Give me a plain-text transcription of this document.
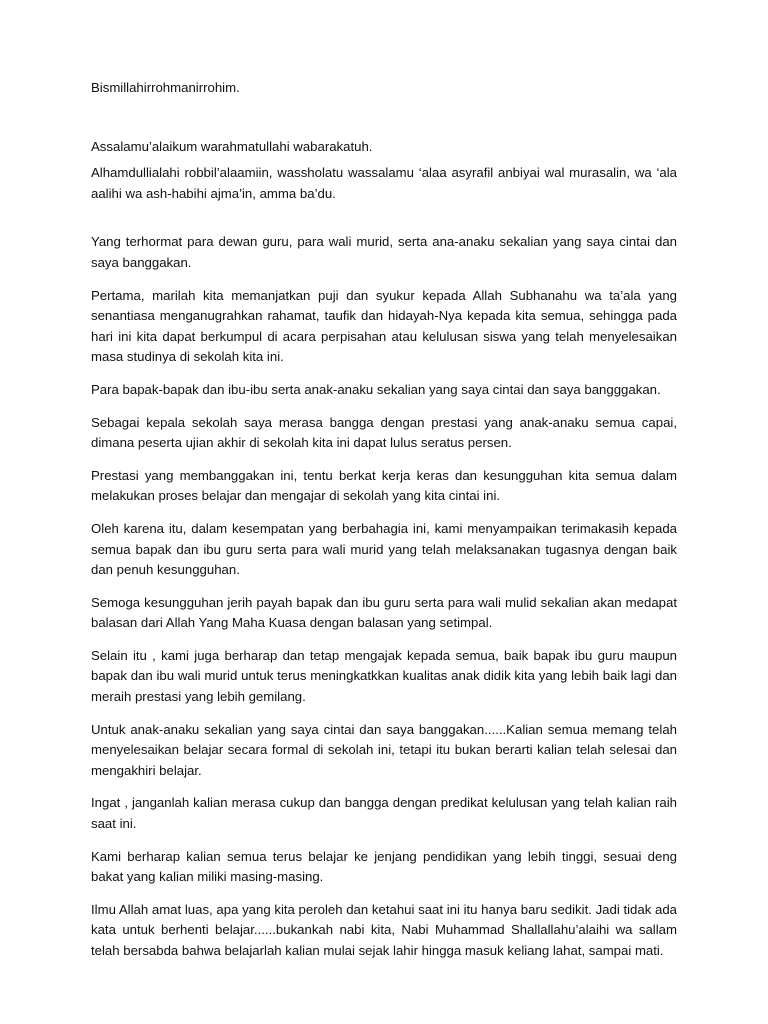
Bismillahirrohmanirrohim.

Assalamu’alaikum warahmatullahi wabarakatuh.

Alhamdullialahi robbil’alaamiin, wassholatu wassalamu ‘alaa asyrafil anbiyai wal murasalin, wa ‘ala aalihi wa ash-habihi ajma’in, amma ba’du.

Yang terhormat para dewan guru, para wali murid, serta ana-anaku sekalian yang saya cintai dan saya banggakan.

Pertama, marilah kita memanjatkan puji dan syukur kepada Allah Subhanahu wa ta’ala yang senantiasa menganugrahkan rahamat, taufik dan hidayah-Nya kepada kita semua, sehingga pada hari ini kita dapat berkumpul di acara perpisahan atau kelulusan siswa yang telah menyelesaikan masa studinya di sekolah kita ini.

Para bapak-bapak dan ibu-ibu serta anak-anaku sekalian yang saya cintai dan saya bangggakan.

Sebagai kepala sekolah saya merasa bangga dengan prestasi yang anak-anaku semua capai, dimana peserta ujian akhir di sekolah kita ini dapat lulus seratus persen.

Prestasi yang membanggakan ini, tentu berkat kerja keras dan kesungguhan kita semua dalam melakukan proses belajar dan mengajar di sekolah yang kita cintai ini.

Oleh karena itu, dalam kesempatan yang berbahagia ini, kami menyampaikan terimakasih kepada semua bapak dan ibu guru serta para wali murid yang telah melaksanakan tugasnya dengan baik dan penuh kesungguhan.

Semoga kesungguhan jerih payah bapak dan ibu guru serta para wali mulid sekalian akan medapat balasan dari Allah Yang Maha Kuasa dengan balasan yang setimpal.

Selain itu , kami juga berharap dan tetap mengajak kepada semua, baik bapak ibu guru maupun bapak dan ibu wali murid untuk terus meningkatkkan kualitas anak didik kita yang lebih baik lagi dan meraih prestasi yang lebih gemilang.

Untuk anak-anaku sekalian yang saya cintai dan saya banggakan......Kalian semua memang telah menyelesaikan belajar secara formal di sekolah ini, tetapi itu bukan berarti kalian telah selesai dan mengakhiri belajar.

Ingat , janganlah kalian merasa cukup dan bangga dengan predikat kelulusan yang telah kalian raih saat ini.

Kami berharap kalian semua terus belajar ke jenjang pendidikan yang lebih tinggi, sesuai deng bakat yang kalian miliki masing-masing.

Ilmu Allah amat luas, apa yang kita peroleh dan ketahui saat ini itu hanya baru sedikit. Jadi tidak ada kata untuk berhenti belajar......bukankah nabi kita, Nabi Muhammad Shallallahu’alaihi wa sallam telah bersabda bahwa belajarlah kalian mulai sejak lahir hingga masuk keliang lahat, sampai mati.
